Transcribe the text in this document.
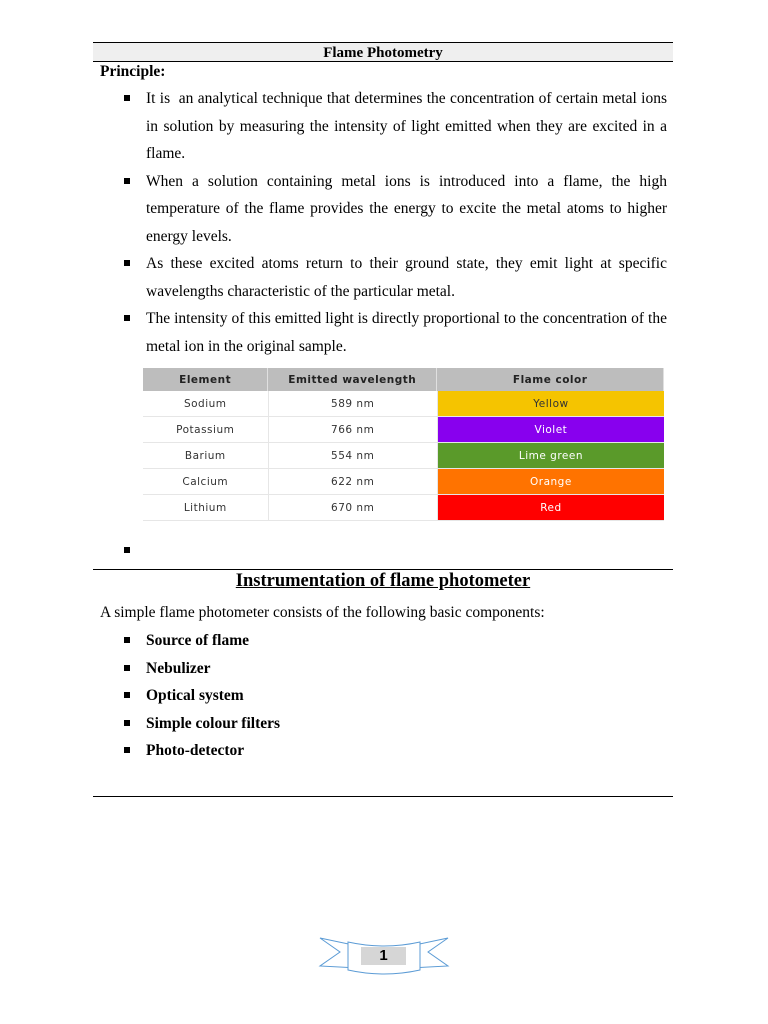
Flame Photometry
Principle:
It is  an analytical technique that determines the concentration of certain metal ions in solution by measuring the intensity of light emitted when they are excited in a flame.
When a solution containing metal ions is introduced into a flame, the high temperature of the flame provides the energy to excite the metal atoms to higher energy levels.
As these excited atoms return to their ground state, they emit light at specific wavelengths characteristic of the particular metal.
The intensity of this emitted light is directly proportional to the concentration of the metal ion in the original sample.
Element	Emitted wavelength	Flame color
Sodium	589 nm	Yellow
Potassium	766 nm	Violet
Barium	554 nm	Lime green
Calcium	622 nm	Orange
Lithium	670 nm	Red
Instrumentation of flame photometer
A simple flame photometer consists of the following basic components:
Source of flame
Nebulizer
Optical system
Simple colour filters
Photo-detector
1
